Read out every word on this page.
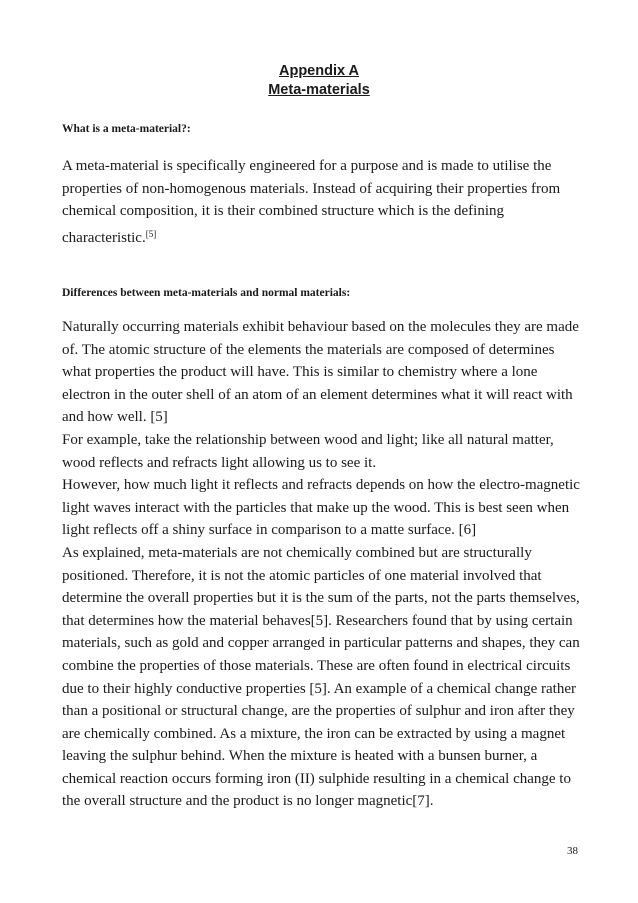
Appendix A
Meta-materials
What is a meta-material?:

A meta-material is specifically engineered for a purpose and is made to utilise the properties of non-homogenous materials. Instead of acquiring their properties from chemical composition, it is their combined structure which is the defining characteristic.[5]

Differences between meta-materials and normal materials:

Naturally occurring materials exhibit behaviour based on the molecules they are made of. The atomic structure of the elements the materials are composed of determines what properties the product will have. This is similar to chemistry where a lone electron in the outer shell of an atom of an element determines what it will react with and how well. [5]

For example, take the relationship between wood and light; like all natural matter, wood reflects and refracts light allowing us to see it.

However, how much light it reflects and refracts depends on how the electro-magnetic light waves interact with the particles that make up the wood. This is best seen when light reflects off a shiny surface in comparison to a matte surface. [6]

As explained, meta-materials are not chemically combined but are structurally positioned. Therefore, it is not the atomic particles of one material involved that determine the overall properties but it is the sum of the parts, not the parts themselves, that determines how the material behaves[5]. Researchers found that by using certain materials, such as gold and copper arranged in particular patterns and shapes, they can combine the properties of those materials. These are often found in electrical circuits due to their highly conductive properties [5]. An example of a chemical change rather than a positional or structural change, are the properties of sulphur and iron after they are chemically combined. As a mixture, the iron can be extracted by using a magnet leaving the sulphur behind. When the mixture is heated with a bunsen burner, a chemical reaction occurs forming iron (II) sulphide resulting in a chemical change to the overall structure and the product is no longer magnetic[7].

38
